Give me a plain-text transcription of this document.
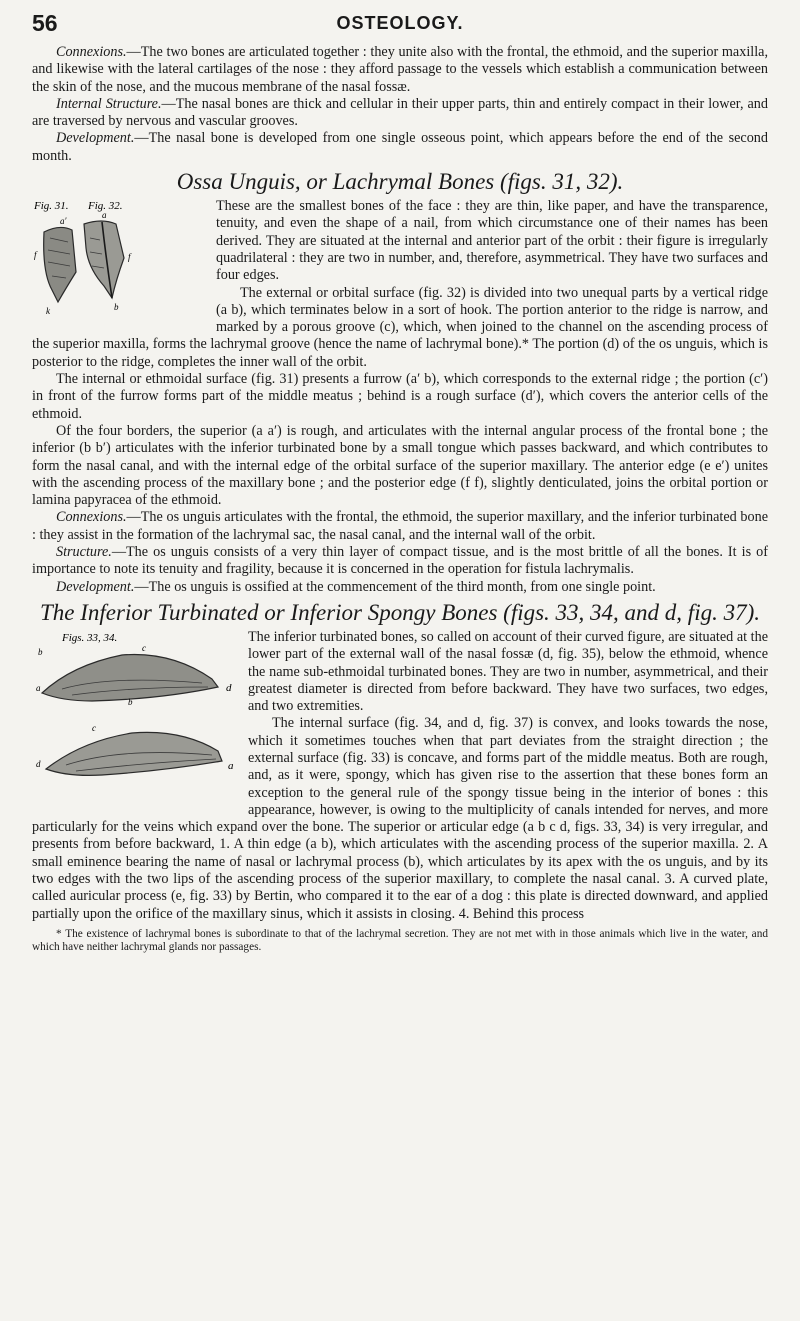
56	OSTEOLOGY.

Connexions.—The two bones are articulated together : they unite also with the frontal, the ethmoid, and the superior maxilla, and likewise with the lateral cartilages of the nose : they afford passage to the vessels which establish a communication between the skin of the nose, and the mucous membrane of the nasal fossæ.

Internal Structure.—The nasal bones are thick and cellular in their upper parts, thin and entirely compact in their lower, and are traversed by nervous and vascular grooves.

Development.—The nasal bone is developed from one single osseous point, which appears before the end of the second month.

Ossa Unguis, or Lachrymal Bones (figs. 31, 32).
Fig. 31. Fig. 32.
a′
a
f	f
k	b

These are the smallest bones of the face : they are thin, like paper, and have the transparence, tenuity, and even the shape of a nail, from which circumstance one of their names has been derived. They are situated at the internal and anterior part of the orbit : their figure is irregularly quadrilateral : they are two in number, and, therefore, asymmetrical. They have two surfaces and four edges.

The external or orbital surface (fig. 32) is divided into two unequal parts by a vertical ridge (a b), which terminates below in a sort of hook. The portion anterior to the ridge is narrow, and marked by a porous groove (c), which, when joined to the channel on the ascending process of the superior maxilla, forms the lachrymal groove (hence the name of lachrymal bone).* The portion (d) of the os unguis, which is posterior to the ridge, completes the inner wall of the orbit.

The internal or ethmoidal surface (fig. 31) presents a furrow (a′ b), which corresponds to the external ridge ; the portion (c′) in front of the furrow forms part of the middle meatus ; behind is a rough surface (d′), which covers the anterior cells of the ethmoid.

Of the four borders, the superior (a a′) is rough, and articulates with the internal angular process of the frontal bone ; the inferior (b b′) articulates with the inferior turbinated bone by a small tongue which passes backward, and which contributes to form the nasal canal, and with the internal edge of the orbital surface of the superior maxillary. The anterior edge (e e′) unites with the ascending process of the maxillary bone ; and the posterior edge (f f), slightly denticulated, joins the orbital portion or lamina papyracea of the ethmoid.

Connexions.—The os unguis articulates with the frontal, the ethmoid, the superior maxillary, and the inferior turbinated bone : they assist in the formation of the lachrymal sac, the nasal canal, and the internal wall of the orbit.

Structure.—The os unguis consists of a very thin layer of compact tissue, and is the most brittle of all the bones. It is of importance to note its tenuity and fragility, because it is concerned in the operation for fistula lachrymalis.

Development.—The os unguis is ossified at the commencement of the third month, from one single point.

The Inferior Turbinated or Inferior Spongy Bones (figs. 33, 34, and d, fig. 37).
Figs. 33, 34.
b	c
d
a
b
c
d	a

The inferior turbinated bones, so called on account of their curved figure, are situated at the lower part of the external wall of the nasal fossæ (d, fig. 35), below the ethmoid, whence the name sub-ethmoidal turbinated bones. They are two in number, asymmetrical, and their greatest diameter is directed from before backward. They have two surfaces, two edges, and two extremities.

The internal surface (fig. 34, and d, fig. 37) is convex, and looks towards the nose, which it sometimes touches when that part deviates from the straight direction ; the external surface (fig. 33) is concave, and forms part of the middle meatus. Both are rough, and, as it were, spongy, which has given rise to the assertion that these bones form an exception to the general rule of the spongy tissue being in the interior of bones : this appearance, however, is owing to the multiplicity of canals intended for nerves, and more particularly for the veins which expand over the bone. The superior or articular edge (a b c d, figs. 33, 34) is very irregular, and presents from before backward, 1. A thin edge (a b), which articulates with the ascending process of the superior maxilla. 2. A small eminence bearing the name of nasal or lachrymal process (b), which articulates by its apex with the os unguis, and by its two edges with the two lips of the ascending process of the superior maxillary, to complete the nasal canal. 3. A curved plate, called auricular process (e, fig. 33) by Bertin, who compared it to the ear of a dog : this plate is directed downward, and applied partially upon the orifice of the maxillary sinus, which it assists in closing. 4. Behind this process

* The existence of lachrymal bones is subordinate to that of the lachrymal secretion. They are not met with in those animals which live in the water, and which have neither lachrymal glands nor passages.
